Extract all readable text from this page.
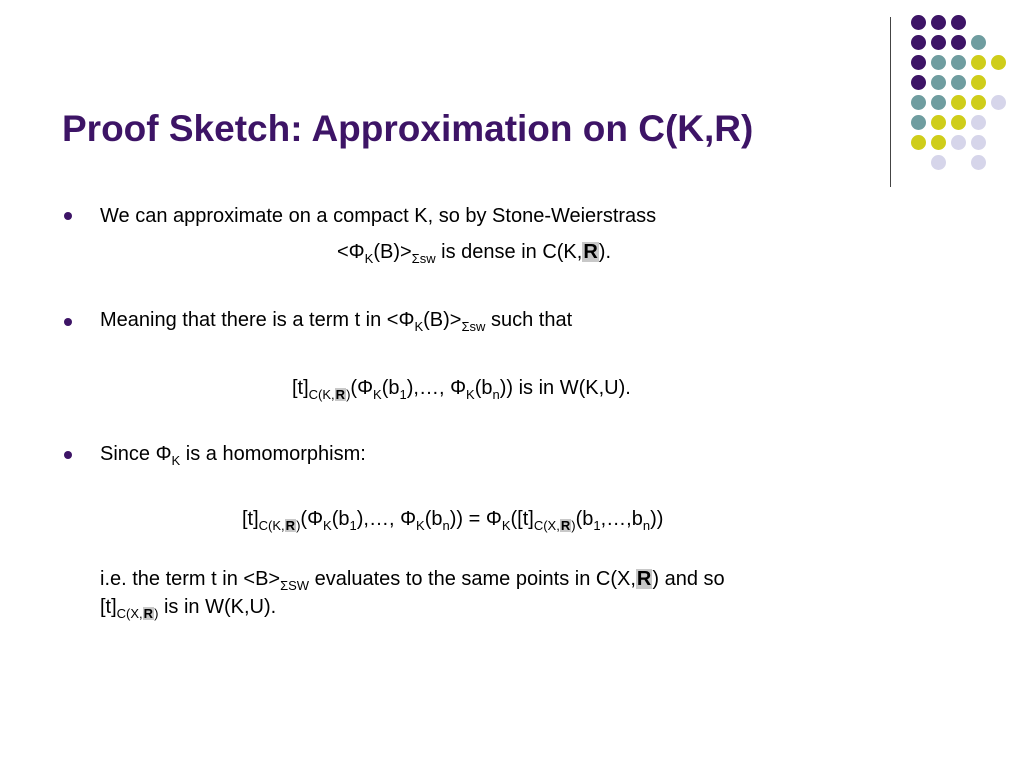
Proof Sketch: Approximation on C(K,R)
We can approximate on a compact K, so by Stone-Weierstrass
$<\Phi_K(B)>_{\Sigma sw}$ is dense in C(K,R).
Meaning that there is a term t in $<\Phi_K(B)>_{\Sigma sw}$ such that
$[t]_{C(K,R)}(\Phi_K(b_1),\dots$, $\Phi_K(b_n)$) is in W(K,U).
Since $\Phi_K$ is a homomorphism:
$[t]_{C(K,R)}(\Phi_K(b_1),\dots$, $\Phi_K(b_n)$) = $\Phi_K([t]_{C(X,R)}(b_1,\dots,b_n))$
i.e. the term t in $<B>_{\Sigma SW}$ evaluates to the same points in C(X,R) and so
$[t]_{C(X,R)}$ is in W(K,U).
